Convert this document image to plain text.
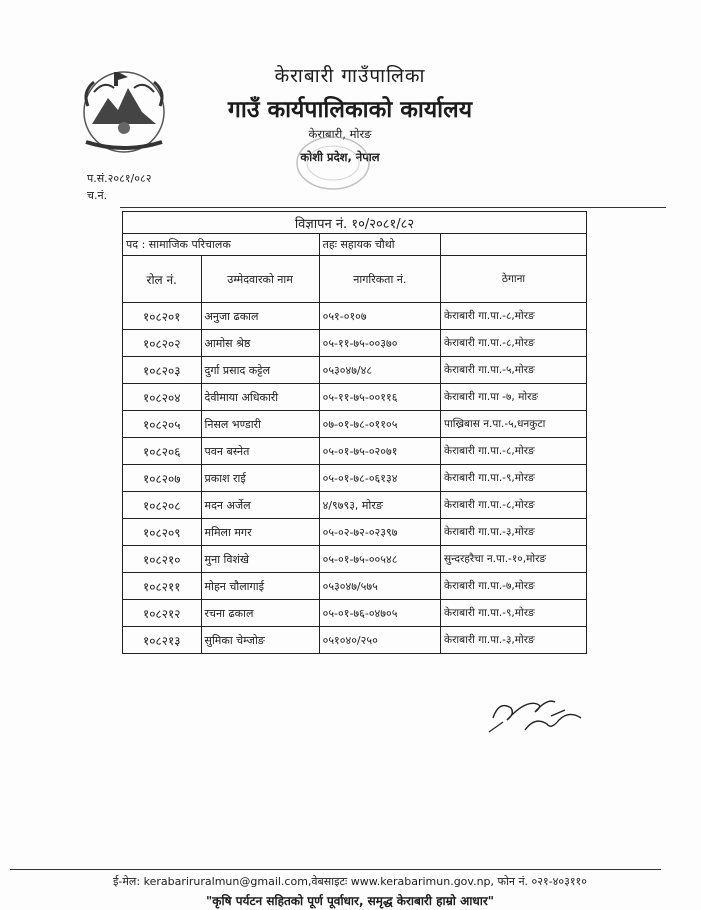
केराबारी गाउँपालिका
गाउँ कार्यपालिकाको कार्यालय
केराबारी, मोरङ
कोशी प्रदेश, नेपाल
प.सं.२०८१/०८२
च.नं.
विज्ञापन नं. १०/२०८१/८२			
पद : सामाजिक परिचालक		तहः सहायक चौथो	
रोल नं.	उम्मेदवारको नाम	नागरिकता नं.	ठेगाना
१०८२०१	अनुजा ढकाल	०५१-०१०७	केराबारी गा.पा.-८,मोरङ
१०८२०२	आमोस श्रेष्ठ	०५-११-७५-००३७०	केराबारी गा.पा.-८,मोरङ
१०८२०३	दुर्गा प्रसाद कट्टेल	०५३०४७/४८	केराबारी गा.पा.-५,मोरङ
१०८२०४	देवीमाया अधिकारी	०५-११-७५-००११६	केराबारी गा.पा -७, मोरङ
१०८२०५	निसल भण्डारी	०७-०१-७८-०११०५	पाख्रिबास न.पा.-५,धनकुटा
१०८२०६	पवन बस्नेत	०५-०१-७५-०२०७१	केराबारी गा.पा.-८,मोरङ
१०८२०७	प्रकाश राई	०५-०१-७८-०६१३४	केराबारी गा.पा.-९,मोरङ
१०८२०८	मदन अर्जेल	४/९७९३, मोरङ	केराबारी गा.पा.-८,मोरङ
१०८२०९	ममिला मगर	०५-०२-७२-०२३९७	केराबारी गा.पा.-३,मोरङ
१०८२१०	मुना विशंखे	०५-०१-७५-००५४८	सुन्दरहरैचा न.पा.-१०,मोरङ
१०८२११	मोहन चौलागाई	०५३०४७/५७५	केराबारी गा.पा.-७,मोरङ
१०८२१२	रचना ढकाल	०५-०१-७६-०४७०५	केराबारी गा.पा.-९,मोरङ
१०८२१३	सुमिका चेम्जोङ	०५१०४०/२५०	केराबारी गा.पा.-३,मोरङ
ई-मेल: kerabariruralmun@gmail.com,वेबसाइटः www.kerabarimun.gov.np, फोन नं. ०२१-४०३११०
"कृषि पर्यटन सहितको पूर्ण पूर्वाधार, समृद्ध केराबारी हाम्रो आधार"
